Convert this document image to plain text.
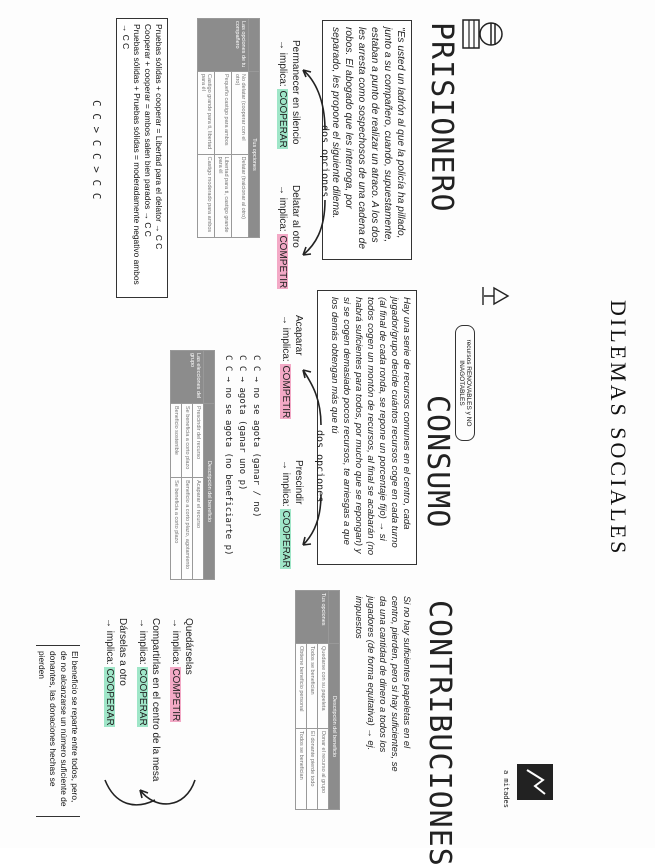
DILEMAS SOCIALES
PRISIONERO
"Es usted un ladrón al que la policía ha pillado, junto a su compañero, cuando, supuestamente, estaban a punto de realizar un atraco. A los dos les arresta como sospechosos de una cadena de robos. El abogado que les interroga, por separado, les propone el siguiente dilema.
Permanecer en silencio
→ implica: COOPERAR
dos opciones
Delatar al otro
→ implica: COMPETIR
	Tus opciones	
Las opciones de tu compañero	No delatar (cooperar con el otro)	Delatar (traicionar al otro)
	Pequeño castigo para ambos	Libertad para ti, castigo grande para él
	Castigo grande para ti, libertad para él	Castigo moderado para ambos
Pruebas sólidas + cooperar = Libertad para el delator → C C
Cooperar + cooperar = ambos salen bien parados → C C
Pruebas sólidas + Pruebas sólidas = moderadamente negativo ambos → C C
C C > C C > C C
recursos RENOVABLES y NO INAGOTABLES
CONSUMO
Hay una serie de recursos comunes en el centro, cada jugador/grupo decide cuántos recursos coge en cada turno (al final de cada ronda, se repone un porcentaje fijo) → si todos cogen un montón de recursos, al final se acabarán (no habrá suficientes para todos, por mucho que se repongan) y si se cogen demasiado pocos recursos, te arriesgas a que los demás obtengan más que tú
Acaparar
→ implica: COMPETIR
dos opciones
Prescindir
→ implica: COOPERAR
C C → no se agota (ganar / no)
C C → agota (ganar uno p)
C C → no se agota (no beneficiarte p)
	Descripción del beneficio	
Las elecciones del grupo	Prescindir del recurso	Acaparar el recurso
	Se beneficia a corto plazo	Beneficio a corto plazo, agotamiento
	Beneficio sostenible	Se beneficia a corto plazo
CONTRIBUCIONES	a mitades
Si no hay suficientes papeletas en el centro, pierden, pero si hay suficientes, se da una cantidad de dinero a todos los jugadores (de forma equitativa) → ej. impuestos
	Descripción del beneficio	
Tus opciones	Quedarse con su papeleta	Donar el recurso al grupo
	Todos se benefician	El donante pierde todo
	Obtiene beneficio personal	Todos se benefician
Quedárselas
→ implica: COMPETIR
Compartirlas en el centro de la mesa
→ implica: COOPERAR
Dárselas a otro
→ implica: COOPERAR
El beneficio se reparte entre todos, pero, de no alcanzarse un número suficiente de donantes, las donaciones hechas se pierden
